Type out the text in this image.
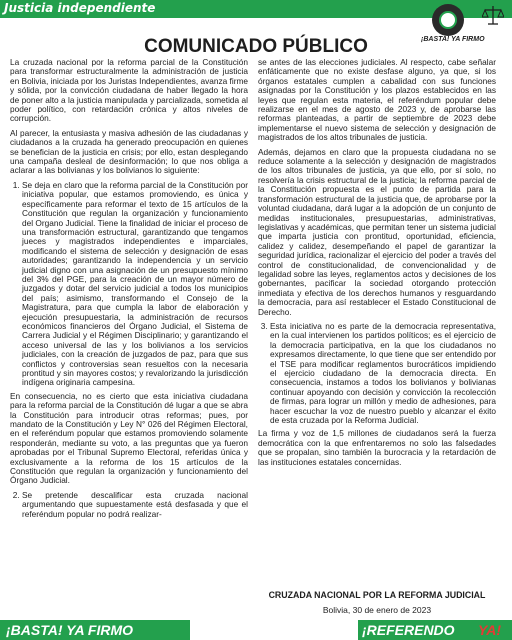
Justicia independiente
¡BASTA! YA FIRMO
COMUNICADO PÚBLICO

La cruzada nacional por la reforma parcial de la Constitución para transformar estructuralmente la administración de justicia en Bolivia, iniciada por los Juristas Independientes, avanza firme y sólida, por la convicción ciudadana de haber llegado la hora de poner alto a la justicia manipulada y parcializada, sometida al poder político, con retardación crónica y altos niveles de corrupción.

Al parecer, la entusiasta y masiva adhesión de las ciudadanas y ciudadanos a la cruzada ha generado preocupación en quienes se benefician de la justicia en crisis; por ello, estan desplegando una campaña desleal de desinformación; lo que nos obliga a aclarar a las bolivianas y los bolivianos lo siguiente:

1. Se deja en claro que la reforma parcial de la Constitución por iniciativa popular, que estamos promoviendo, es única y específicamente para reformar el texto de 15 artículos de la Constitución que regulan la organización y funcionamiento del Organo Judicial. Tiene la finalidad de iniciar el proceso de una transformación estructural, garantizando que tengamos jueces y magistrados independientes e imparciales, modificando el sistema de selección y designación de esas autoridades; garantizando la independencia y un servicio judicial digno con una asignación de un presupuesto mínimo del 3% del PGE, para la creación de un mayor número de juzgados y dotar del servicio judicial a todos los municipios del país; asimismo, transformando el Consejo de la Magistratura, para que cumpla la labor de elaboración y ejecución presupuestaria, la administración de recursos económicos financieros del Órgano Judicial, el Sistema de Carrera Judicial y el Régimen Disciplinario; y garantizando el acceso universal de las y los bolivianos a los servicios judiciales, con la creación de juzgados de paz, para que sus conflictos y controversias sean resueltos con la necesaria prontitud y sin mayores costos; y revalorizando la jurisdicción indígena originaria campesina.

En consecuencia, no es cierto que esta iniciativa ciudadana para la reforma parcial de la Constitución dé lugar a que se abra la Constitución para introducir otras reformas; pues, por mandato de la Constitución y Ley N° 026 del Régimen Electoral, en el referéndum popular que estamos promoviendo solamente responderán, mediante su voto, a las preguntas que ya fueron aprobadas por el Tribunal Supremo Electoral, referidas única y exclusivamente a la reforma de los 15 artículos de la Constitución que regulan la organización y funcionamiento del Órgano Judicial.

2. Se pretende descalificar esta cruzada nacional argumentando que supuestamente está desfasada y que el referéndum popular no podrá realizar-

se antes de las elecciones judiciales. Al respecto, cabe señalar enfáticamente que no existe desfase alguno, ya que, si los órganos estatales cumplen a cabalidad con sus funciones asignadas por la Constitución y los plazos establecidos en las leyes que regulan esta materia, el referéndum popular debe realizarse en el mes de agosto de 2023 y, de aprobarse las reformas planteadas, a partir de septiembre de 2023 debe implementarse el nuevo sistema de selección y designación de magistrados de los altos tribunales de justicia.

Además, dejamos en claro que la propuesta ciudadana no se reduce solamente a la selección y designación de magistrados de los altos tribunales de justicia, ya que ello, por sí solo, no resolvería la crisis estructural de la justicia; la reforma parcial de la Constitución propuesta es el punto de partida para la transformación estructural de la justicia que, de aprobarse por la voluntad ciudadana, dará lugar a la adopción de un conjunto de medidas institucionales, presupuestarias, administrativas, legislativas y académicas, que permitan tener un sistema judicial que imparta justicia con prontitud, oportunidad, eficiencia, calidez y calidez, desempeñando el papel de garantizar la seguridad jurídica, racionalizar el ejercicio del poder a través del control de constitucionalidad, de convencionalidad y de legalidad sobre las leyes, reglamentos actos y decisiones de los gobernantes, pacificar la sociedad otorgando protección inmediata y efectiva de los derechos humanos y resguardando la democracia, para así restablecer el Estado Constitucional de Derecho.

3. Esta iniciativa no es parte de la democracia representativa, en la cual intervienen los partidos políticos; es el ejercicio de la democracia participativa, en la que los ciudadanos no expresamos directamente, lo que tiene que ser entendido por el TSE para modificar reglamentos burocráticos impidiendo el ejercicio ciudadano de la democracia directa. En consecuencia, instamos a todos los bolivianos y bolivianas continuar apoyando con decisión y convicción la recolección de firmas, para lograr un millón y medio de adhesiones, para hacer escuchar la voz de nuestro pueblo y alcanzar el éxito de esta cruzada por la Reforma Judicial.

La firma y voz de 1,5 millones de ciudadanos será la fuerza democrática con la que enfrentaremos no solo las falsedades que se propalan, sino también la burocracia y la retardación de las instituciones estatales concernidas.

CRUZADA NACIONAL POR LA REFORMA JUDICIAL
Bolivia, 30 de enero de 2023
¡BASTA! YA FIRMO	¡REFERENDO YA!
